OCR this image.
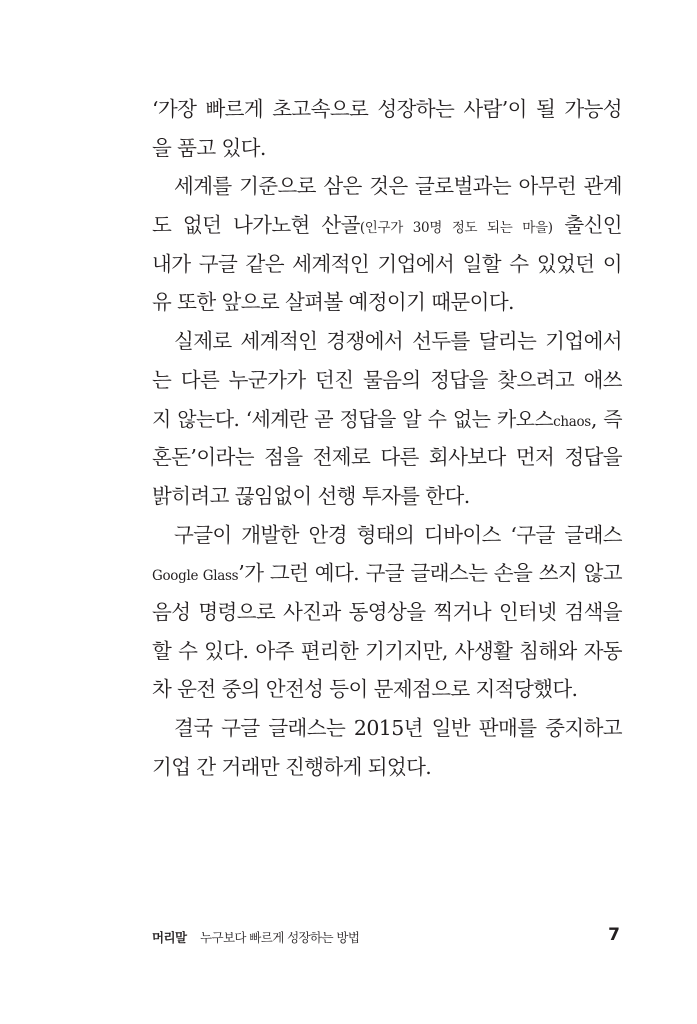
‘가장 빠르게 초고속으로 성장하는 사람’이 될 가능성
을 품고 있다.
세계를 기준으로 삼은 것은 글로벌과는 아무런 관계
도 없던 나가노현 산골(인구가 30명 정도 되는 마을) 출신인
내가 구글 같은 세계적인 기업에서 일할 수 있었던 이
유 또한 앞으로 살펴볼 예정이기 때문이다.
실제로 세계적인 경쟁에서 선두를 달리는 기업에서
는 다른 누군가가 던진 물음의 정답을 찾으려고 애쓰
지 않는다. ‘세계란 곧 정답을 알 수 없는 카오스chaos, 즉
혼돈’이라는 점을 전제로 다른 회사보다 먼저 정답을
밝히려고 끊임없이 선행 투자를 한다.
구글이 개발한 안경 형태의 디바이스 ‘구글 글래스
Google Glass’가 그런 예다. 구글 글래스는 손을 쓰지 않고
음성 명령으로 사진과 동영상을 찍거나 인터넷 검색을
할 수 있다. 아주 편리한 기기지만, 사생활 침해와 자동
차 운전 중의 안전성 등이 문제점으로 지적당했다.
결국 구글 글래스는 2015년 일반 판매를 중지하고
기업 간 거래만 진행하게 되었다.
머리말 누구보다 빠르게 성장하는 방법	7
